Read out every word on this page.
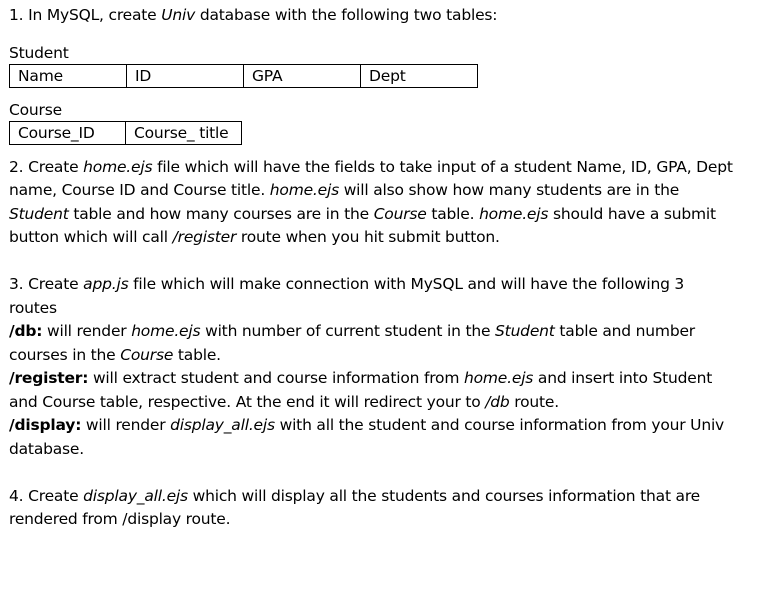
1. In MySQL, create Univ database with the following two tables:
Student
Name	ID	GPA	Dept
Course
Course_ID	Course_ title
2. Create home.ejs file which will have the fields to take input of a student Name, ID, GPA, Dept
name, Course ID and Course title. home.ejs will also show how many students are in the
Student table and how many courses are in the Course table. home.ejs should have a submit
button which will call /register route when you hit submit button.
3. Create app.js file which will make connection with MySQL and will have the following 3
routes
/db: will render home.ejs with number of current student in the Student table and number
courses in the Course table.
/register: will extract student and course information from home.ejs and insert into Student
and Course table, respective. At the end it will redirect your to /db route.
/display: will render display_all.ejs with all the student and course information from your Univ
database.
4. Create display_all.ejs which will display all the students and courses information that are
rendered from /display route.
